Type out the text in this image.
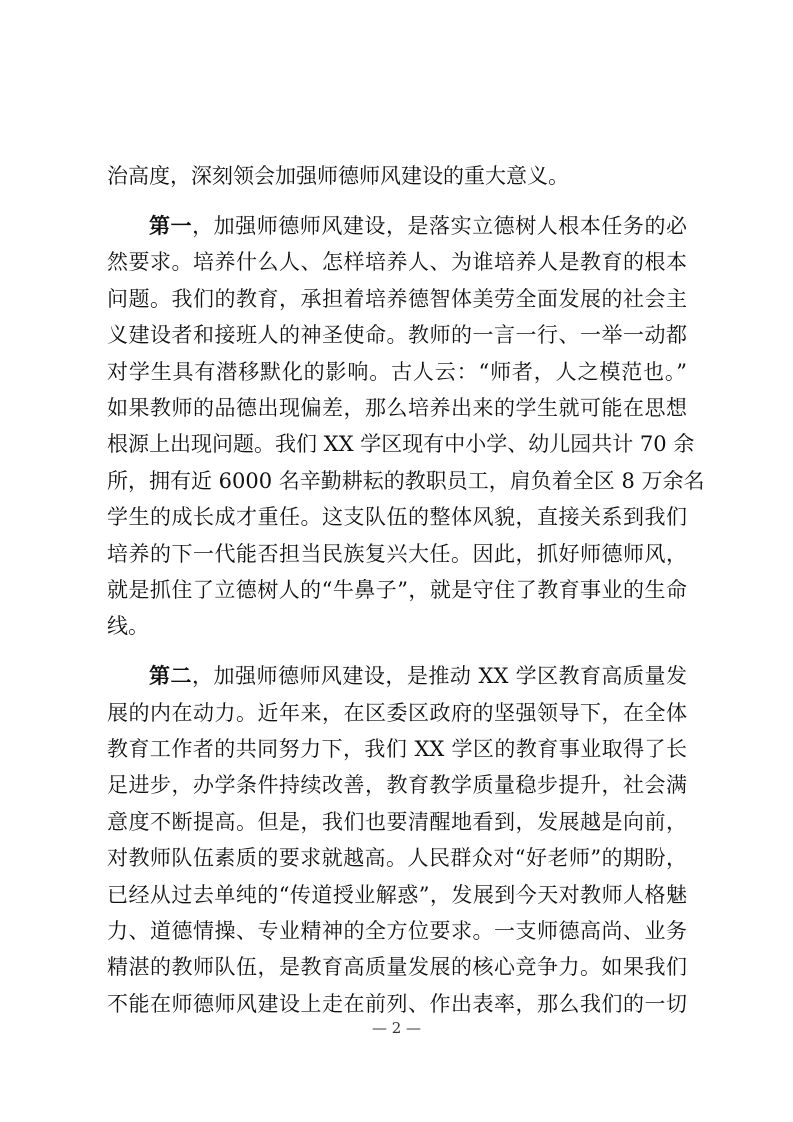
治高度，深刻领会加强师德师风建设的重大意义。

第一，加强师德师风建设，是落实立德树人根本任务的必
然要求。培养什么人、怎样培养人、为谁培养人是教育的根本
问题。我们的教育，承担着培养德智体美劳全面发展的社会主
义建设者和接班人的神圣使命。教师的一言一行、一举一动都
对学生具有潜移默化的影响。古人云：“师者，人之模范也。”
如果教师的品德出现偏差，那么培养出来的学生就可能在思想
根源上出现问题。我们 XX 学区现有中小学、幼儿园共计 70 余
所，拥有近 6000 名辛勤耕耘的教职员工，肩负着全区 8 万余名
学生的成长成才重任。这支队伍的整体风貌，直接关系到我们
培养的下一代能否担当民族复兴大任。因此，抓好师德师风，
就是抓住了立德树人的“牛鼻子”，就是守住了教育事业的生命
线。

第二，加强师德师风建设，是推动 XX 学区教育高质量发
展的内在动力。近年来，在区委区政府的坚强领导下，在全体
教育工作者的共同努力下，我们 XX 学区的教育事业取得了长
足进步，办学条件持续改善，教育教学质量稳步提升，社会满
意度不断提高。但是，我们也要清醒地看到，发展越是向前，
对教师队伍素质的要求就越高。人民群众对“好老师”的期盼，
已经从过去单纯的“传道授业解惑”，发展到今天对教师人格魅
力、道德情操、专业精神的全方位要求。一支师德高尚、业务
精湛的教师队伍，是教育高质量发展的核心竞争力。如果我们
不能在师德师风建设上走在前列、作出表率，那么我们的一切

— 2 —
